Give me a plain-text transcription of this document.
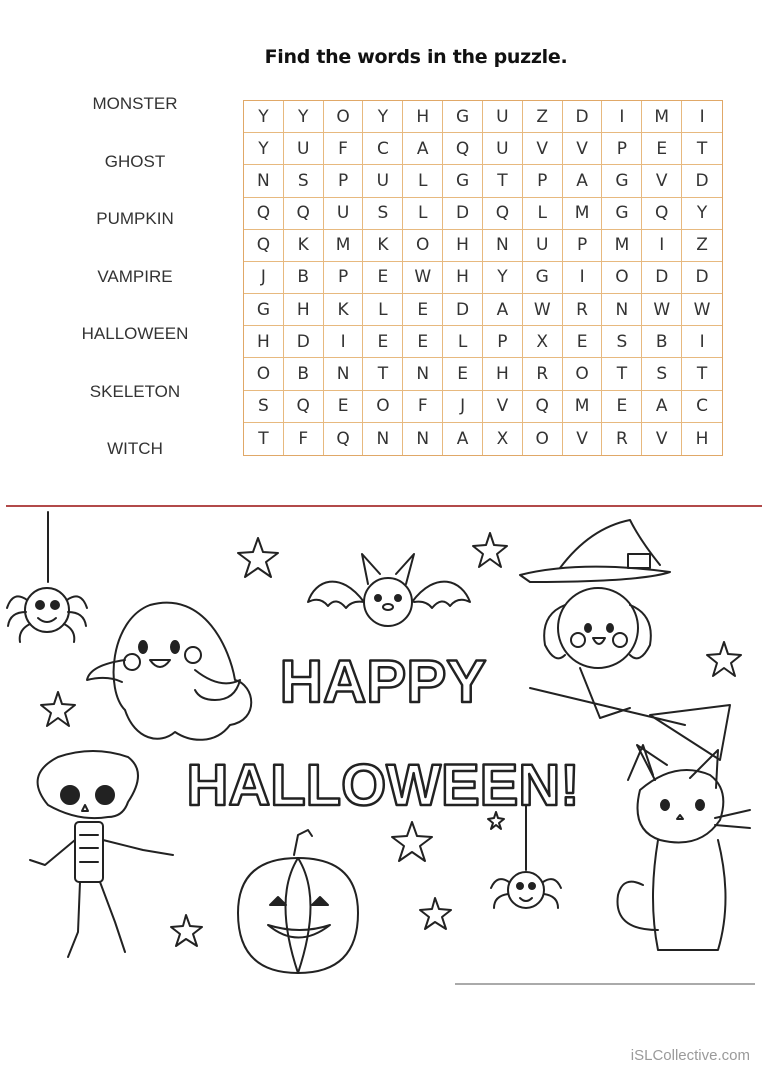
Find the words in the puzzle.
MONSTER
GHOST
PUMPKIN
VAMPIRE
HALLOWEEN
SKELETON
WITCH
Y	Y	O	Y	H	G	U	Z	D	I	M	I
Y	U	F	C	A	Q	U	V	V	P	E	T
N	S	P	U	L	G	T	P	A	G	V	D
Q	Q	U	S	L	D	Q	L	M	G	Q	Y
Q	K	M	K	O	H	N	U	P	M	I	Z
J	B	P	E	W	H	Y	G	I	O	D	D
G	H	K	L	E	D	A	W	R	N	W	W
H	D	I	E	E	L	P	X	E	S	B	I
O	B	N	T	N	E	H	R	O	T	S	T
S	Q	E	O	F	J	V	Q	M	E	A	C
T	F	Q	N	N	A	X	O	V	R	V	H
HAPPY
HALLOWEEN!
iSLCollective.com
